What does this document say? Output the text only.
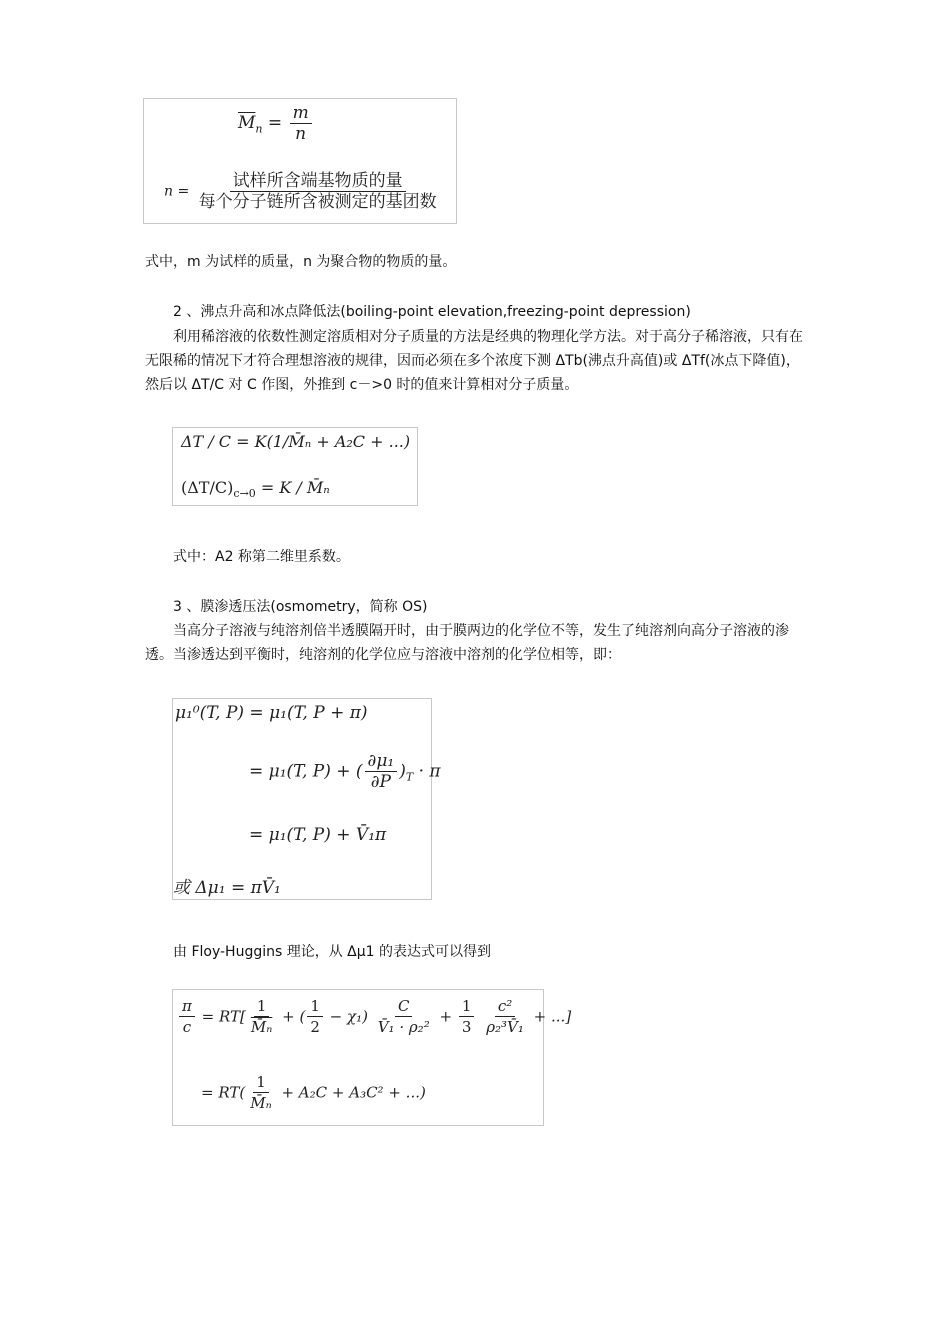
$\overline{M}_n = \frac{m}{n}$
$n = \frac{\text{试样所含端基物质的量}}{\text{每个分子链所含被测定的基团数}}$
式中，m 为试样的质量，n 为聚合物的物质的量。
2 、沸点升高和冰点降低法(boiling-point elevation,freezing-point depression)
利用稀溶液的依数性测定溶质相对分子质量的方法是经典的物理化学方法。对于高分子稀溶液，只有在无限稀的情况下才符合理想溶液的规律，因而必须在多个浓度下测 ΔTb(沸点升高值)或 ΔTf(冰点下降值)，然后以 ΔT/C 对 C 作图，外推到 c－>0 时的值来计算相对分子质量。
ΔT / C = K(1/M̄ₙ + A₂C + ...)
$(\Delta T/C)_{c\to 0} = K$ / M̄ₙ
式中：A2 称第二维里系数。
3 、膜渗透压法(osmometry，简称 OS)
当高分子溶液与纯溶剂倍半透膜隔开时，由于膜两边的化学位不等，发生了纯溶剂向高分子溶液的渗透。当渗透达到平衡时，纯溶剂的化学位应与溶液中溶剂的化学位相等，即：
μ₁⁰(T, P) = μ₁(T, P + π)
= μ₁(T, P) + ( $\frac{\text{∂μ₁}}{\partial P} )_T \cdot \pi$
= μ₁(T, P) + V̄₁π
或 Δμ₁ = πV̄₁
由 Floy-Huggins 理论，从 Δμ1 的表达式可以得到
$\frac{\pi}{c} = RT[ \frac{1}{\text{M̄ₙ}}$ + ( $\frac{1}{2} - \chi_1) \frac{C}{\text{V̄₁ · ρ₂²}} + \frac{1}{3}$
$\frac{\text{c²}}{\text{ρ₂³V̄₁}}$ + ...]
= $RT( \frac{1}{\text{M̄ₙ}} + A_2C + A_3C^2$ + ...)
